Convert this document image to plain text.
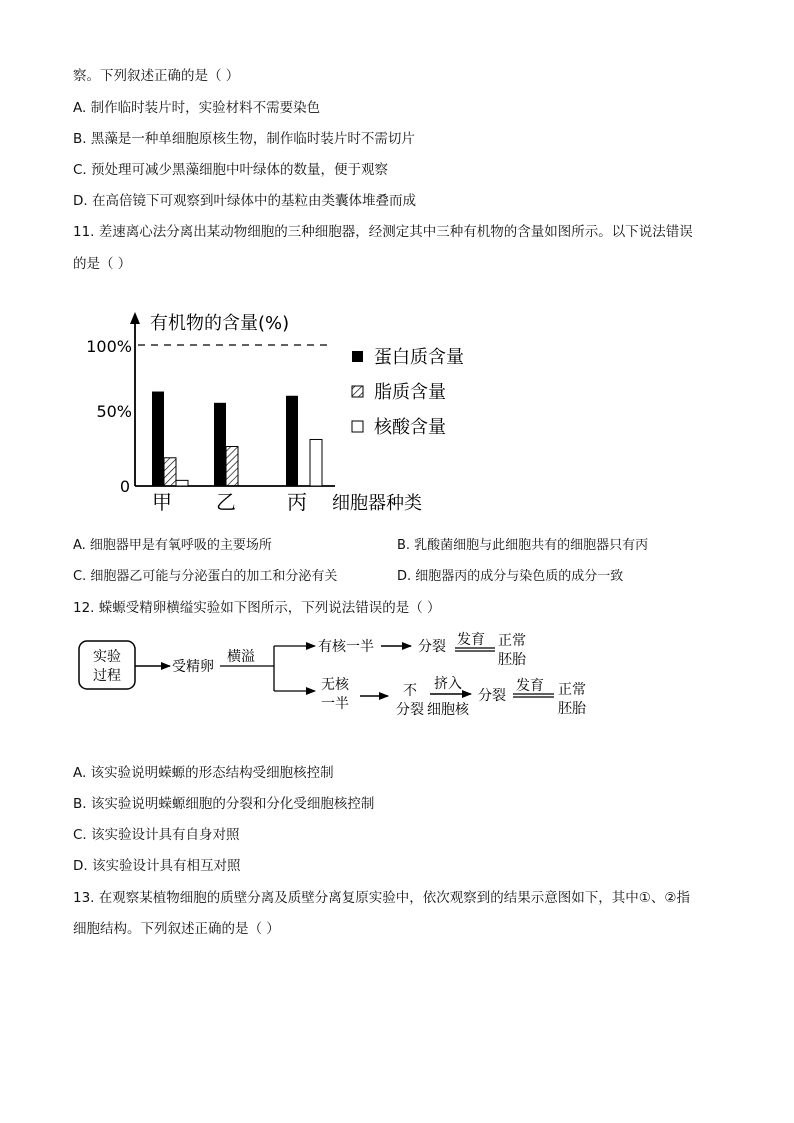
察。下列叙述正确的是（ ）
A. 制作临时装片时，实验材料不需要染色
B. 黑藻是一种单细胞原核生物，制作临时装片时不需切片
C. 预处理可减少黑藻细胞中叶绿体的数量，便于观察
D. 在高倍镜下可观察到叶绿体中的基粒由类囊体堆叠而成
11. 差速离心法分离出某动物细胞的三种细胞器，经测定其中三种有机物的含量如图所示。以下说法错误
的是（ ）
有机物的含量(%)
100%
50%
0
甲 乙	丙 细胞器种类
蛋白质含量
脂质含量
核酸含量
A. 细胞器甲是有氧呼吸的主要场所	B. 乳酸菌细胞与此细胞共有的细胞器只有丙
C. 细胞器乙可能与分泌蛋白的加工和分泌有关	D. 细胞器丙的成分与染色质的成分一致
12. 蝾螈受精卵横缢实验如下图所示，下列说法错误的是（ ）
实验
过程
受精卵
横溢
有核一半	分裂 发育 正常
胚胎
无核
一半
不
分裂
挤入
细胞核
分裂
发育 正常
胚胎
A. 该实验说明蝾螈的形态结构受细胞核控制
B. 该实验说明蝾螈细胞的分裂和分化受细胞核控制
C. 该实验设计具有自身对照
D. 该实验设计具有相互对照
13. 在观察某植物细胞的质壁分离及质壁分离复原实验中，依次观察到的结果示意图如下，其中①、②指
细胞结构。下列叙述正确的是（ ）
